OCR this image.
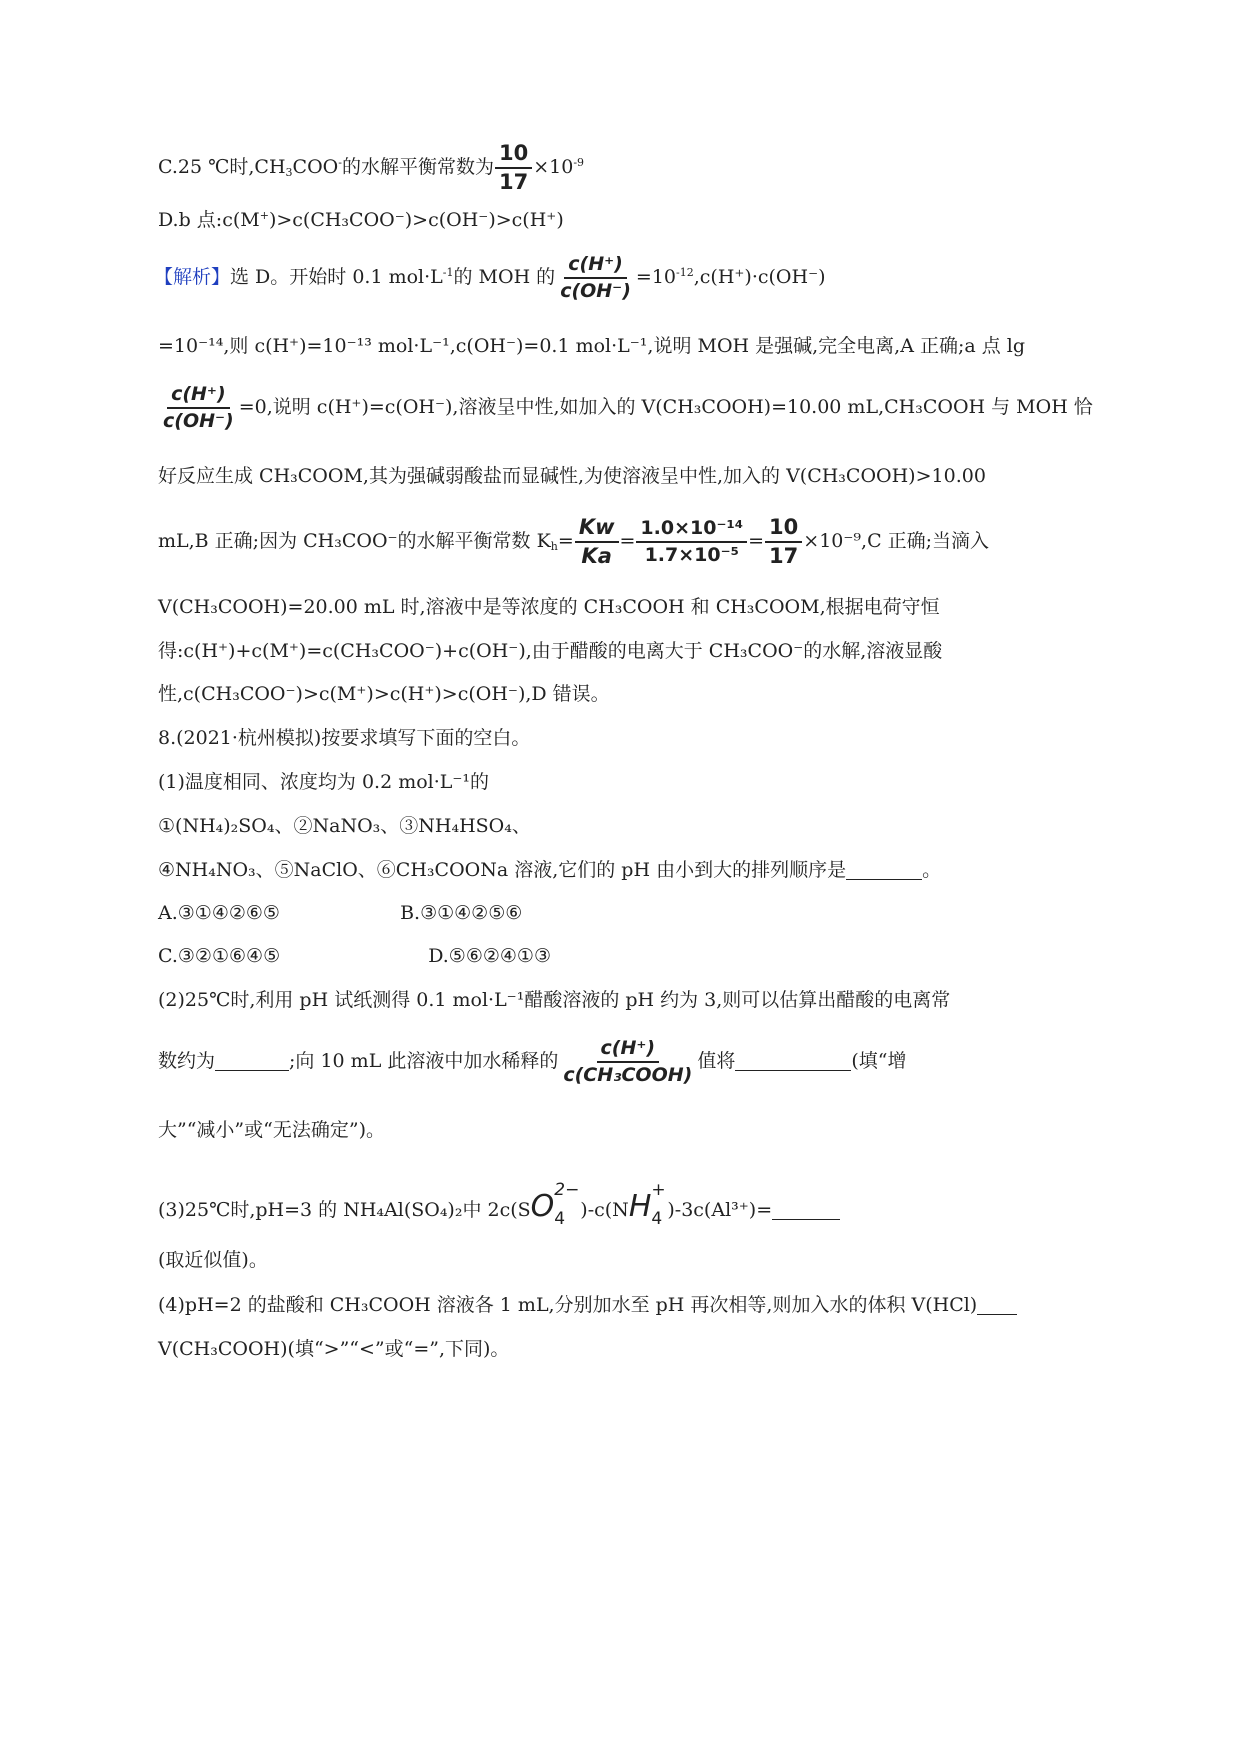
C.25 ℃时$,CH_3COO^-$的水解平衡常数为 $\frac{10}{17} \times 10^{-9}$
D.b 点:c(M+)>c(CH₃COO⁻)>c(OH⁻)>c(H⁺)
【解析】选 D。开始时 0.1 $mol\cdot L^{-1}$的 MOH 的 $\frac{c(H^+)}{c(OH^-)} =10^{-12},c(H^+)\cdot c(OH^-)$
=10⁻¹⁴,则 c(H⁺)=10⁻¹³ mol·L⁻¹,c(OH⁻)=0.1 mol·L⁻¹,说明 MOH 是强碱,完全电离,A 正确;a 点 lg
$\frac{c(H^+)}{c(OH^-)} =0$,说明 c(H⁺)=c(OH⁻),溶液呈中性,如加入的 V(CH₃COOH)=10.00 mL,CH₃COOH 与 MOH 恰
好反应生成 CH₃COOM,其为强碱弱酸盐而显碱性,为使溶液呈中性,加入的 V(CH₃COOH)>10.00
mL,B 正确;因为 CH₃COO⁻的水解平衡常数 $K_h= \frac{Kw}{Ka} = \frac{\text{1.0×10⁻¹⁴}}{\text{1.7×10⁻⁵}} = \frac{10}{17} \times 10^{-9},C$ 正确;当滴入
V(CH₃COOH)=20.00 mL 时,溶液中是等浓度的 CH₃COOH 和 CH₃COOM,根据电荷守恒
得:c(H⁺)+c(M⁺)=c(CH₃COO⁻)+c(OH⁻),由于醋酸的电离大于 CH₃COO⁻的水解,溶液显酸
性,c(CH₃COO⁻)>c(M⁺)>c(H⁺)>c(OH⁻),D 错误。
8.(2021·杭州模拟)按要求填写下面的空白。
(1)温度相同、浓度均为 0.2 mol·L⁻¹的
①(NH₄)₂SO₄、②NaNO₃、③NH₄HSO₄、
④NH₄NO₃、⑤NaClO、⑥CH₃COONa 溶液,它们的 pH 由小到大的排列顺序是	。
A.③①④②⑥⑤	B.③①④②⑤⑥
C.③②①⑥④⑤	D.⑤⑥②④①③
(2)25℃时,利用 pH 试纸测得 0.1 mol·L⁻¹醋酸溶液的 pH 约为 3,则可以估算出醋酸的电离常
数约为	;向 10 mL 此溶液中加水稀释的 $\frac{c(H^+)}{\text{c(CH₃COOH)}}$ 值将	(填“增
大”“减小”或“无法确定”)。
(3)25℃时,pH=3 的 NH₄Al(SO₄)₂中 2c(SO 2−
4 )-c(NH +
4 )-3c(Al³⁺)=
(取近似值)。
(4)pH=2 的盐酸和 CH₃COOH 溶液各 1 mL,分别加水至 pH 再次相等,则加入水的体积 V(HCl)
V(CH₃COOH)(填“>”“<”或“=”,下同)。
